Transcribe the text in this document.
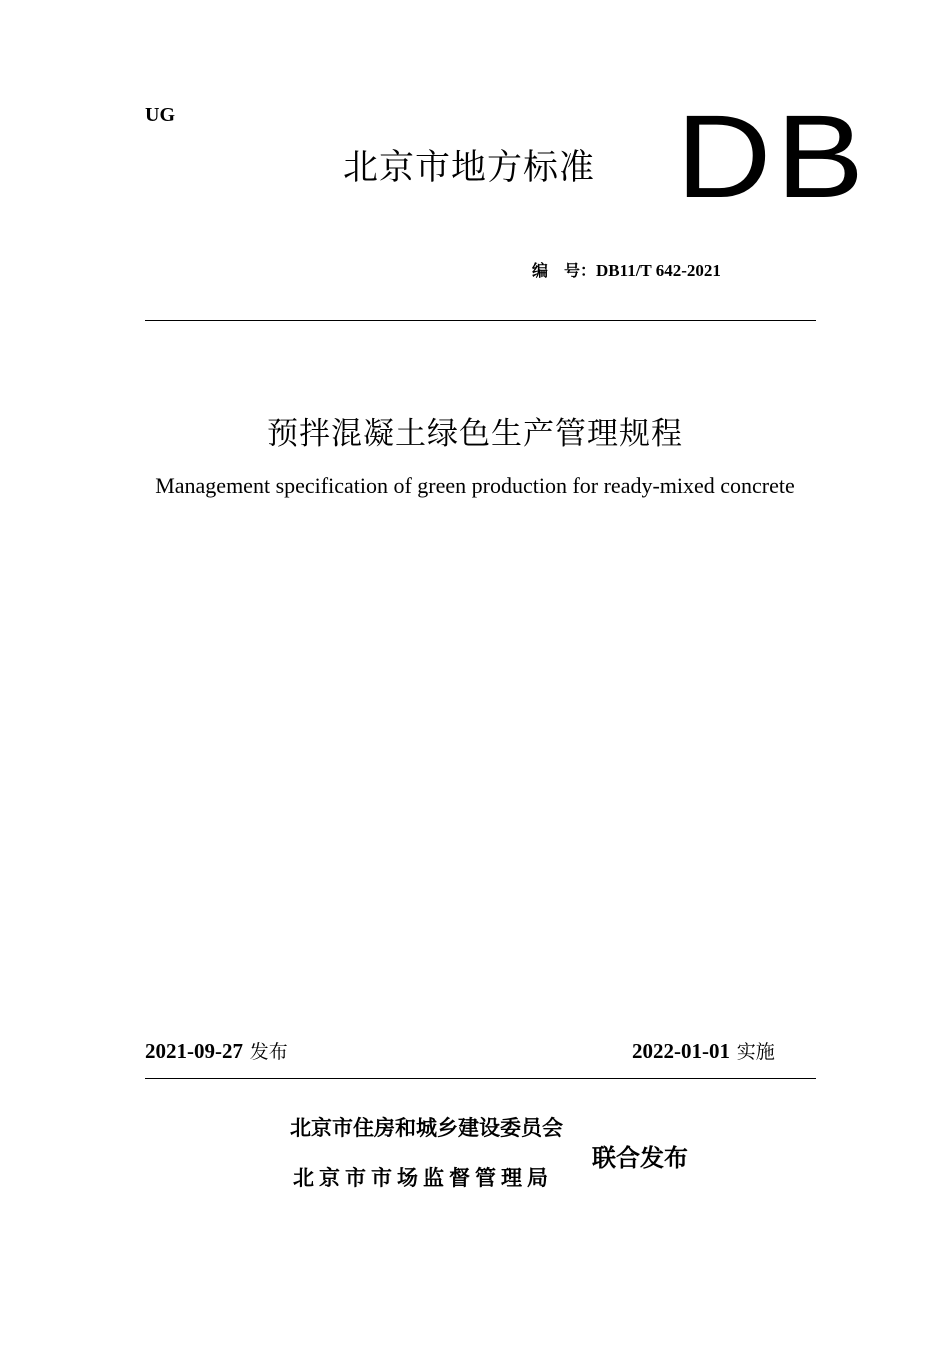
UG
北京市地方标准 DB
编　号：DB11/T 642-2021
预拌混凝土绿色生产管理规程
Management specification of green production for ready-mixed concrete
2021-09-27 发布	2022-01-01 实施
北京市住房和城乡建设委员会
北京市市场监督管理局
联合发布
